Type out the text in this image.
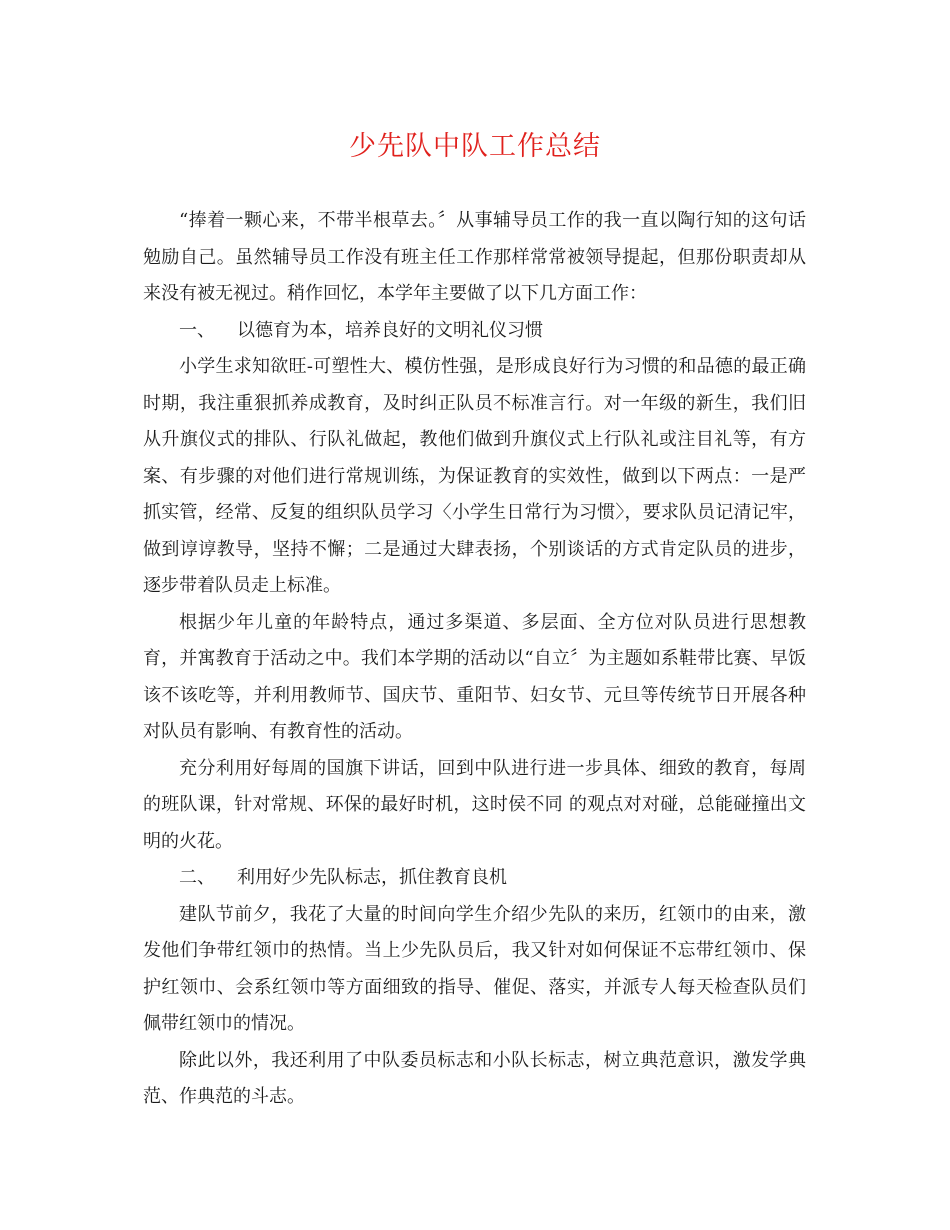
少先队中队工作总结

“捧着一颗心来，不带半根草去。〞从事辅导员工作的我一直以陶行知的这句话勉励自己。虽然辅导员工作没有班主任工作那样常常被领导提起，但那份职责却从来没有被无视过。稍作回忆，本学年主要做了以下几方面工作：

一、 以德育为本，培养良好的文明礼仪习惯

小学生求知欲旺-可塑性大、模仿性强，是形成良好行为习惯的和品德的最正确时期，我注重狠抓养成教育，及时纠正队员不标准言行。对一年级的新生，我们旧从升旗仪式的排队、行队礼做起，教他们做到升旗仪式上行队礼或注目礼等，有方案、有步骤的对他们进行常规训练，为保证教育的实效性，做到以下两点：一是严抓实管，经常、反复的组织队员学习〈小学生日常行为习惯〉，要求队员记清记牢，做到谆谆教导，坚持不懈；二是通过大肆表扬，个别谈话的方式肯定队员的进步，逐步带着队员走上标准。

根据少年儿童的年龄特点，通过多渠道、多层面、全方位对队员进行思想教育，并寓教育于活动之中。我们本学期的活动以“自立〞为主题如系鞋带比赛、早饭该不该吃等，并利用教师节、国庆节、重阳节、妇女节、元旦等传统节日开展各种对队员有影响、有教育性的活动。

充分利用好每周的国旗下讲话，回到中队进行进一步具体、细致的教育，每周的班队课，针对常规、环保的最好时机，这时侯不同 的观点对对碰，总能碰撞出文明的火花。

二、 利用好少先队标志，抓住教育良机

建队节前夕，我花了大量的时间向学生介绍少先队的来历，红领巾的由来，激发他们争带红领巾的热情。当上少先队员后，我又针对如何保证不忘带红领巾、保护红领巾、会系红领巾等方面细致的指导、催促、落实，并派专人每天检查队员们佩带红领巾的情况。

除此以外，我还利用了中队委员标志和小队长标志，树立典范意识，激发学典范、作典范的斗志。
